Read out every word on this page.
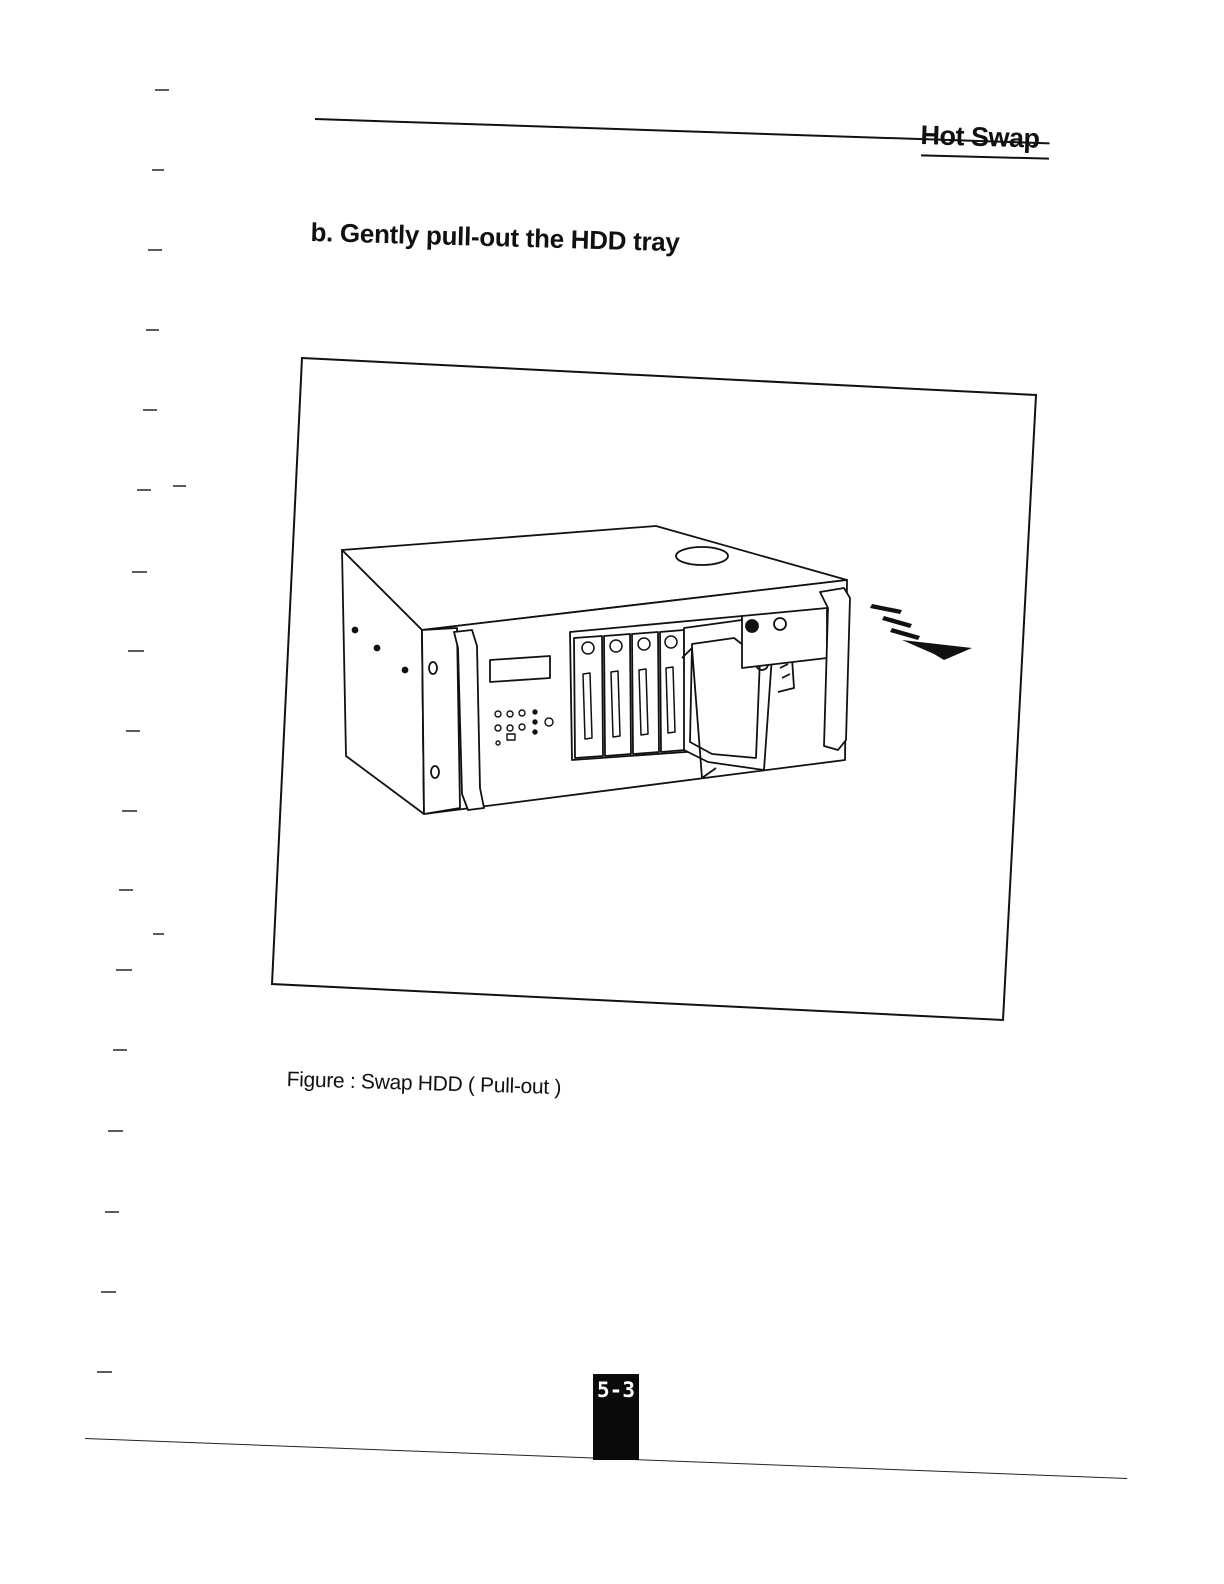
Hot Swap
b. Gently pull-out the HDD tray
Figure : Swap HDD ( Pull-out )
5-3
